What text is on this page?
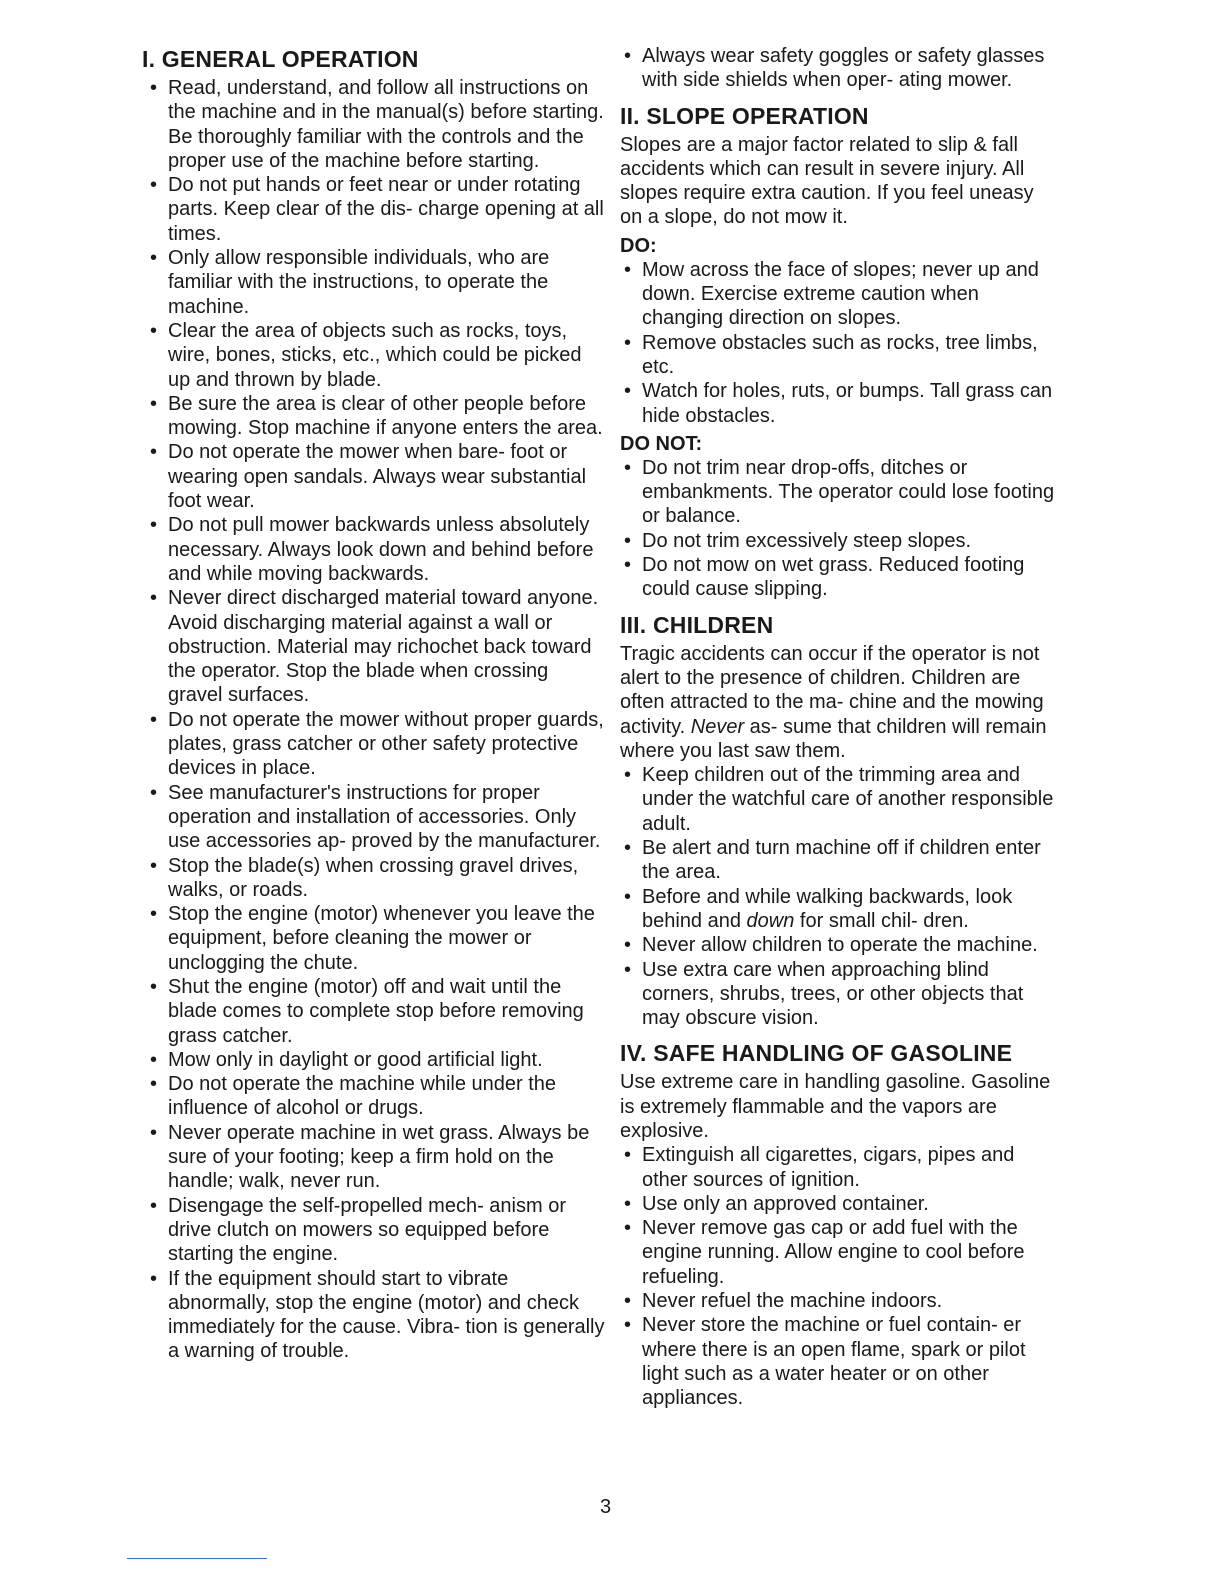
I. GENERAL OPERATION
• Read, understand, and follow all instructions on the machine and in the manual(s) before starting. Be thoroughly familiar with the controls and the proper use of the machine before starting.
• Do not put hands or feet near or under rotating parts. Keep clear of the dis- charge opening at all times.
• Only allow responsible individuals, who are familiar with the instructions, to operate the machine.
• Clear the area of objects such as rocks, toys, wire, bones, sticks, etc., which could be picked up and thrown by blade.
• Be sure the area is clear of other people before mowing. Stop machine if anyone enters the area.
• Do not operate the mower when bare- foot or wearing open sandals. Always wear substantial foot wear.
• Do not pull mower backwards unless absolutely necessary. Always look down and behind before and while moving backwards.
• Never direct discharged material toward anyone. Avoid discharging material against a wall or obstruction. Material may richochet back toward the operator. Stop the blade when crossing gravel surfaces.
• Do not operate the mower without proper guards, plates, grass catcher or other safety protective devices in place.
• See manufacturer's instructions for proper operation and installation of accessories. Only use accessories ap- proved by the manufacturer.
• Stop the blade(s) when crossing gravel drives, walks, or roads.
• Stop the engine (motor) whenever you leave the equipment, before cleaning the mower or unclogging the chute.
• Shut the engine (motor) off and wait until the blade comes to complete stop before removing grass catcher.
• Mow only in daylight or good artificial light.
• Do not operate the machine while under the influence of alcohol or drugs.
• Never operate machine in wet grass. Always be sure of your footing; keep a firm hold on the handle; walk, never run.
• Disengage the self-propelled mech- anism or drive clutch on mowers so equipped before starting the engine.
• If the equipment should start to vibrate abnormally, stop the engine (motor) and check immediately for the cause. Vibra- tion is generally a warning of trouble.
• Always wear safety goggles or safety glasses with side shields when oper- ating mower.
II. SLOPE OPERATION

Slopes are a major factor related to slip & fall accidents which can result in severe injury. All slopes require extra caution. If you feel uneasy on a slope, do not mow it.

DO:

• Mow across the face of slopes; never up and down. Exercise extreme caution when changing direction on slopes.
• Remove obstacles such as rocks, tree limbs, etc.
• Watch for holes, ruts, or bumps. Tall grass can hide obstacles.

DO NOT:

• Do not trim near drop-offs, ditches or embankments. The operator could lose footing or balance.
• Do not trim excessively steep slopes.
• Do not mow on wet grass. Reduced footing could cause slipping.
III. CHILDREN

Tragic accidents can occur if the operator is not alert to the presence of children. Children are often attracted to the ma- chine and the mowing activity. Never as- sume that children will remain where you last saw them.

• Keep children out of the trimming area and under the watchful care of another responsible adult.
• Be alert and turn machine off if children enter the area.
• Before and while walking backwards, look behind and down for small chil- dren.
• Never allow children to operate the machine.
• Use extra care when approaching blind corners, shrubs, trees, or other objects that may obscure vision.
IV. SAFE HANDLING OF GASOLINE

Use extreme care in handling gasoline. Gasoline is extremely flammable and the vapors are explosive.

• Extinguish all cigarettes, cigars, pipes and other sources of ignition.
• Use only an approved container.
• Never remove gas cap or add fuel with the engine running. Allow engine to cool before refueling.
• Never refuel the machine indoors.
• Never store the machine or fuel contain- er where there is an open flame, spark or pilot light such as a water heater or on other appliances.
3
